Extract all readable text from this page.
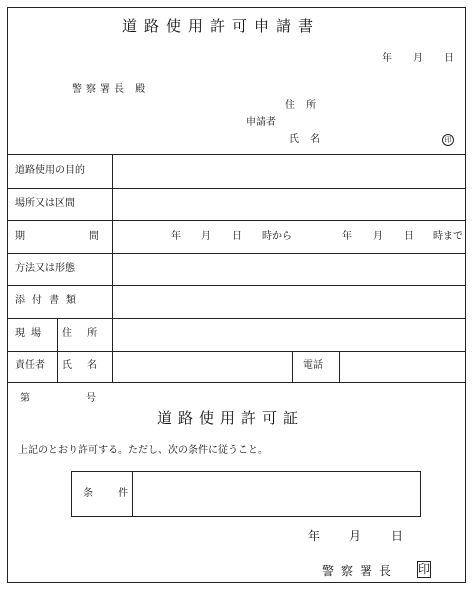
道路使用許可申請書
年 月 日
警察署長 殿
住 所
申請者
氏 名	印
道路使用の目的
場所又は区間
期	間	年 月 日 時から	年 月 日 時まで
方法又は形態
添付書類
現場 住 所
責任者 氏 名	電話
第	号
道路使用許可証
上記のとおり許可する。ただし、次の条件に従うこと。
条 件
年 月 日
警察署長 印
